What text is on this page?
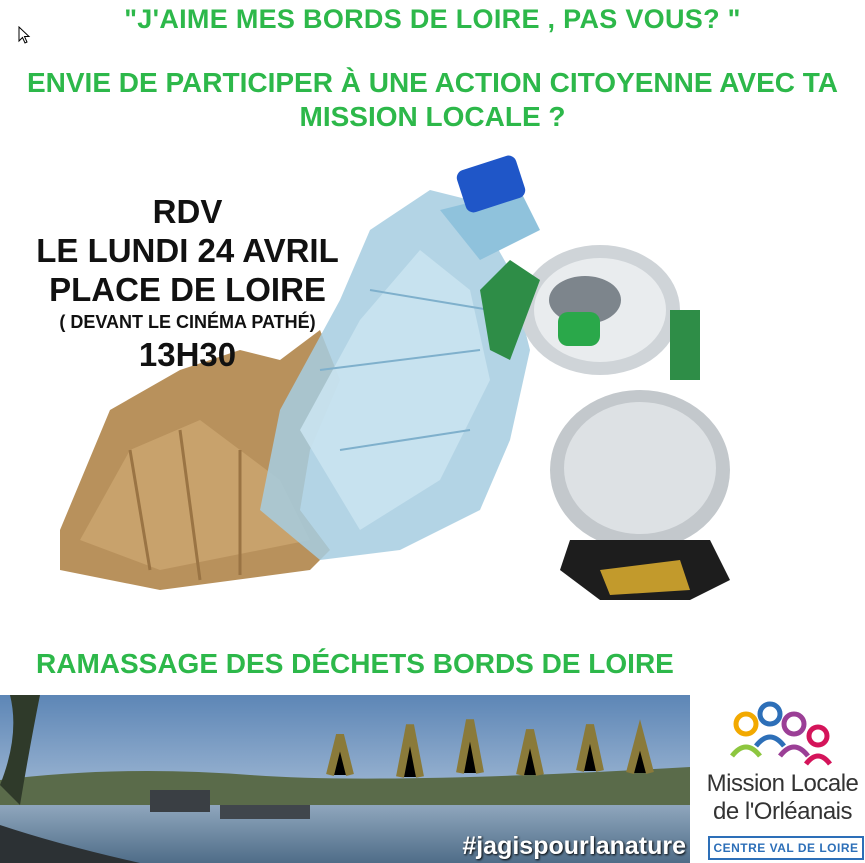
"J'AIME MES BORDS DE LOIRE , PAS VOUS? "
ENVIE DE PARTICIPER À UNE ACTION CITOYENNE AVEC TA
MISSION LOCALE ?
RDV
LE LUNDI 24 AVRIL
PLACE DE LOIRE
( DEVANT LE CINÉMA PATHÉ)
13H30
RAMASSAGE DES DÉCHETS BORDS DE LOIRE
#jagispourlanature
Mission Locale
de l'Orléanais
CENTRE VAL DE LOIRE
